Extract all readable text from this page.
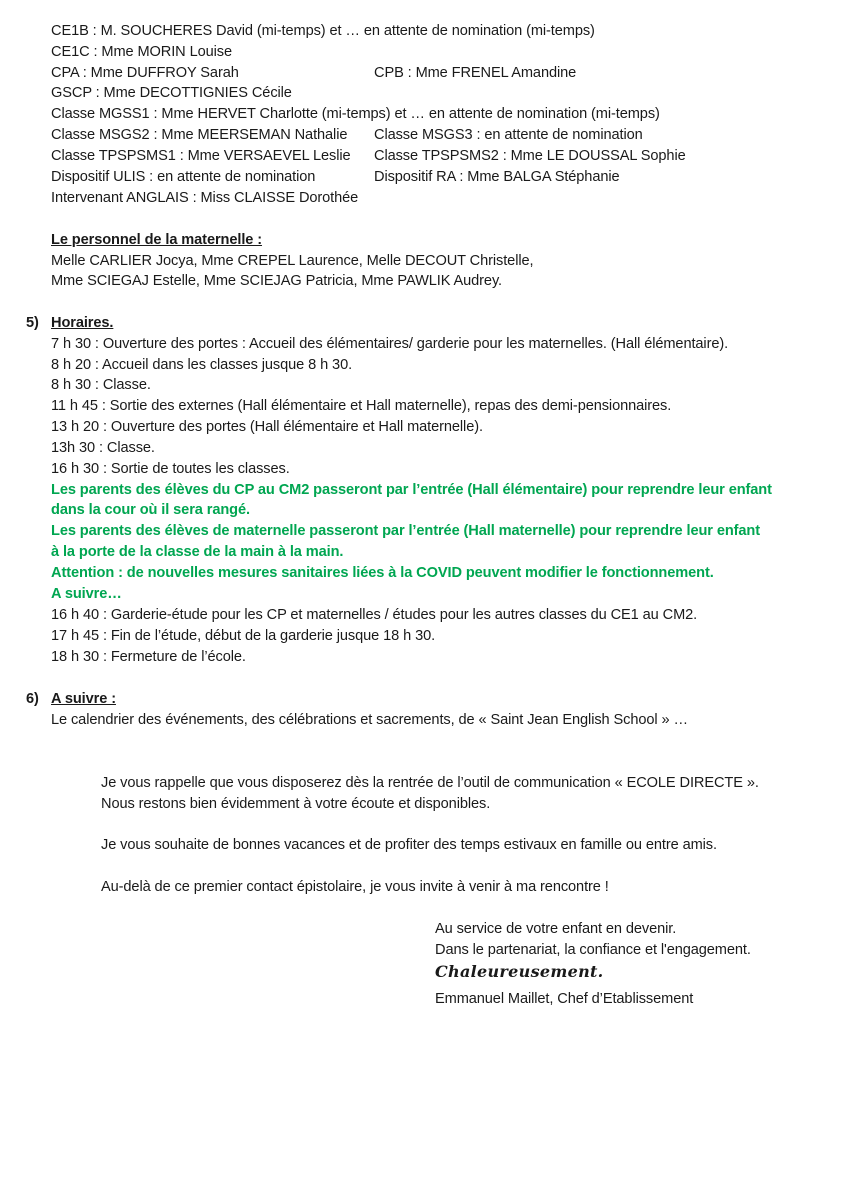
CE1B : M. SOUCHERES David (mi-temps) et … en attente de nomination (mi-temps)
CE1C : Mme MORIN Louise
CPA : Mme DUFFROY Sarah	CPB : Mme FRENEL Amandine
GSCP : Mme DECOTTIGNIES Cécile
Classe MGSS1 : Mme HERVET Charlotte (mi-temps) et … en attente de nomination (mi-temps)
Classe MSGS2 : Mme MEERSEMAN Nathalie Classe MSGS3 : en attente de nomination
Classe TPSPSMS1 : Mme VERSAEVEL Leslie Classe TPSPSMS2 : Mme LE DOUSSAL Sophie
Dispositif ULIS : en attente de nomination	Dispositif RA : Mme BALGA Stéphanie
Intervenant ANGLAIS : Miss CLAISSE Dorothée
Le personnel de la maternelle :
Melle CARLIER Jocya, Mme CREPEL Laurence, Melle DECOUT Christelle,
Mme SCIEGAJ Estelle, Mme SCIEJAG Patricia, Mme PAWLIK Audrey.
5) Horaires.
7 h 30 : Ouverture des portes : Accueil des élémentaires/ garderie pour les maternelles. (Hall élémentaire).
8 h 20 : Accueil dans les classes jusque 8 h 30.
8 h 30 : Classe.
11 h 45 : Sortie des externes (Hall élémentaire et Hall maternelle), repas des demi-pensionnaires.
13 h 20 : Ouverture des portes (Hall élémentaire et Hall maternelle).
13h 30 : Classe.
16 h 30 : Sortie de toutes les classes.
Les parents des élèves du CP au CM2 passeront par l’entrée (Hall élémentaire) pour reprendre leur enfant
dans la cour où il sera rangé.
Les parents des élèves de maternelle passeront par l’entrée (Hall maternelle) pour reprendre leur enfant
à la porte de la classe de la main à la main.
Attention : de nouvelles mesures sanitaires liées à la COVID peuvent modifier le fonctionnement.
A suivre…
16 h 40 : Garderie-étude pour les CP et maternelles / études pour les autres classes du CE1 au CM2.
17 h 45 : Fin de l’étude, début de la garderie jusque 18 h 30.
18 h 30 : Fermeture de l’école.
6) A suivre :
Le calendrier des événements, des célébrations et sacrements, de « Saint Jean English School » …
Je vous rappelle que vous disposerez dès la rentrée de l’outil de communication « ECOLE DIRECTE ».
Nous restons bien évidemment à votre écoute et disponibles.
Je vous souhaite de bonnes vacances et de profiter des temps estivaux en famille ou entre amis.
Au-delà de ce premier contact épistolaire, je vous invite à venir à ma rencontre !
Au service de votre enfant en devenir.
Dans le partenariat, la confiance et l'engagement.
Chaleureusement.
Emmanuel Maillet, Chef d’Etablissement
